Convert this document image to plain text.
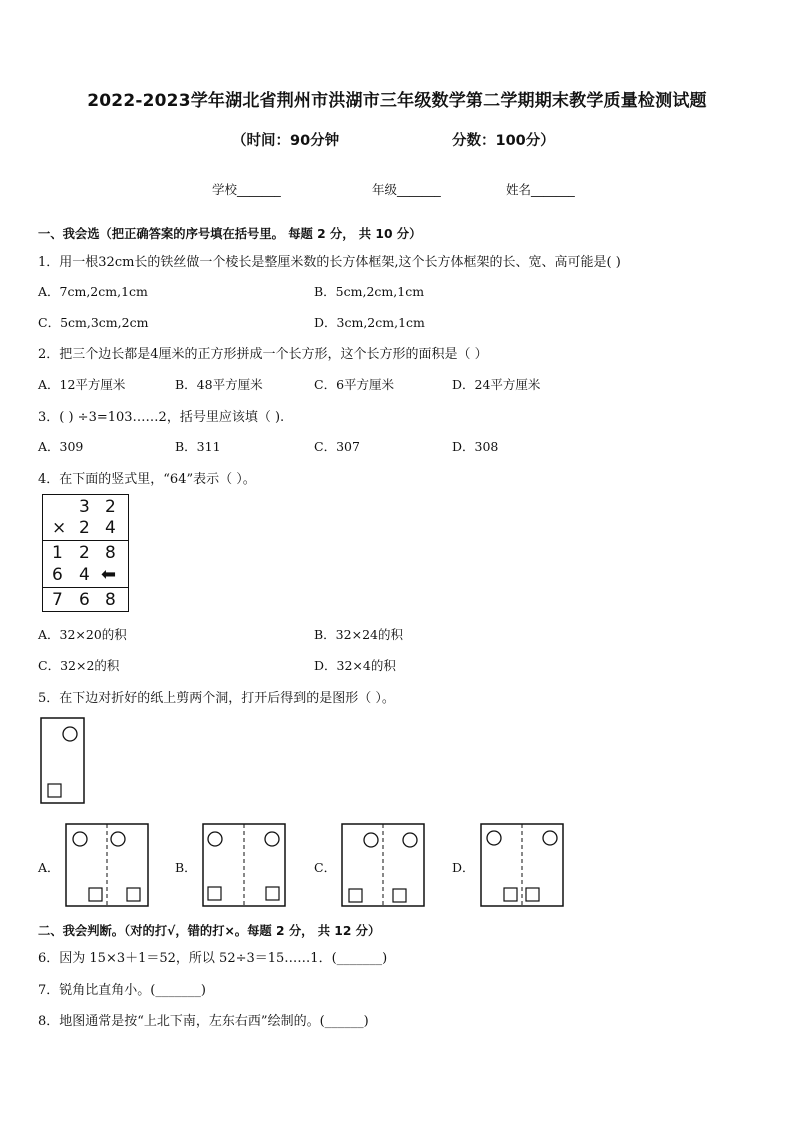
2022-2023学年湖北省荆州市洪湖市三年级数学第二学期期末教学质量检测试题
（时间：90分钟	分数：100分）
学校_______	年级_______	姓名_______
一、我会选（把正确答案的序号填在括号里。 每题 2 分， 共 10 分）
1．用一根32cm长的铁丝做一个棱长是整厘米数的长方体框架,这个长方体框架的长、宽、高可能是( )
A．7cm,2cm,1cm	B．5cm,2cm,1cm
C．5cm,3cm,2cm	D．3cm,2cm,1cm
2．把三个边长都是4厘米的正方形拼成一个长方形，这个长方形的面积是（ ）
A．12平方厘米	B．48平方厘米	C．6平方厘米	D．24平方厘米
3．( ) ÷3=103……2，括号里应该填（ ).
A．309	B．311	C．307	D．308
4．在下面的竖式里，“64”表示（ ）。
3 2
× 2 4
1 2 8
6 4 ⬅
7 6 8
A．32×20的积	B．32×24的积
C．32×2的积	D．32×4的积
5．在下边对折好的纸上剪两个洞，打开后得到的是图形（ ）。
A．	B．	C．	D．
二、我会判断。（对的打√，错的打×。每题 2 分， 共 12 分）
6．因为 15×3＋1＝52，所以 52÷3＝15……1．(_______)
7．锐角比直角小。(_______)
8．地图通常是按“上北下南，左东右西”绘制的。(______)
